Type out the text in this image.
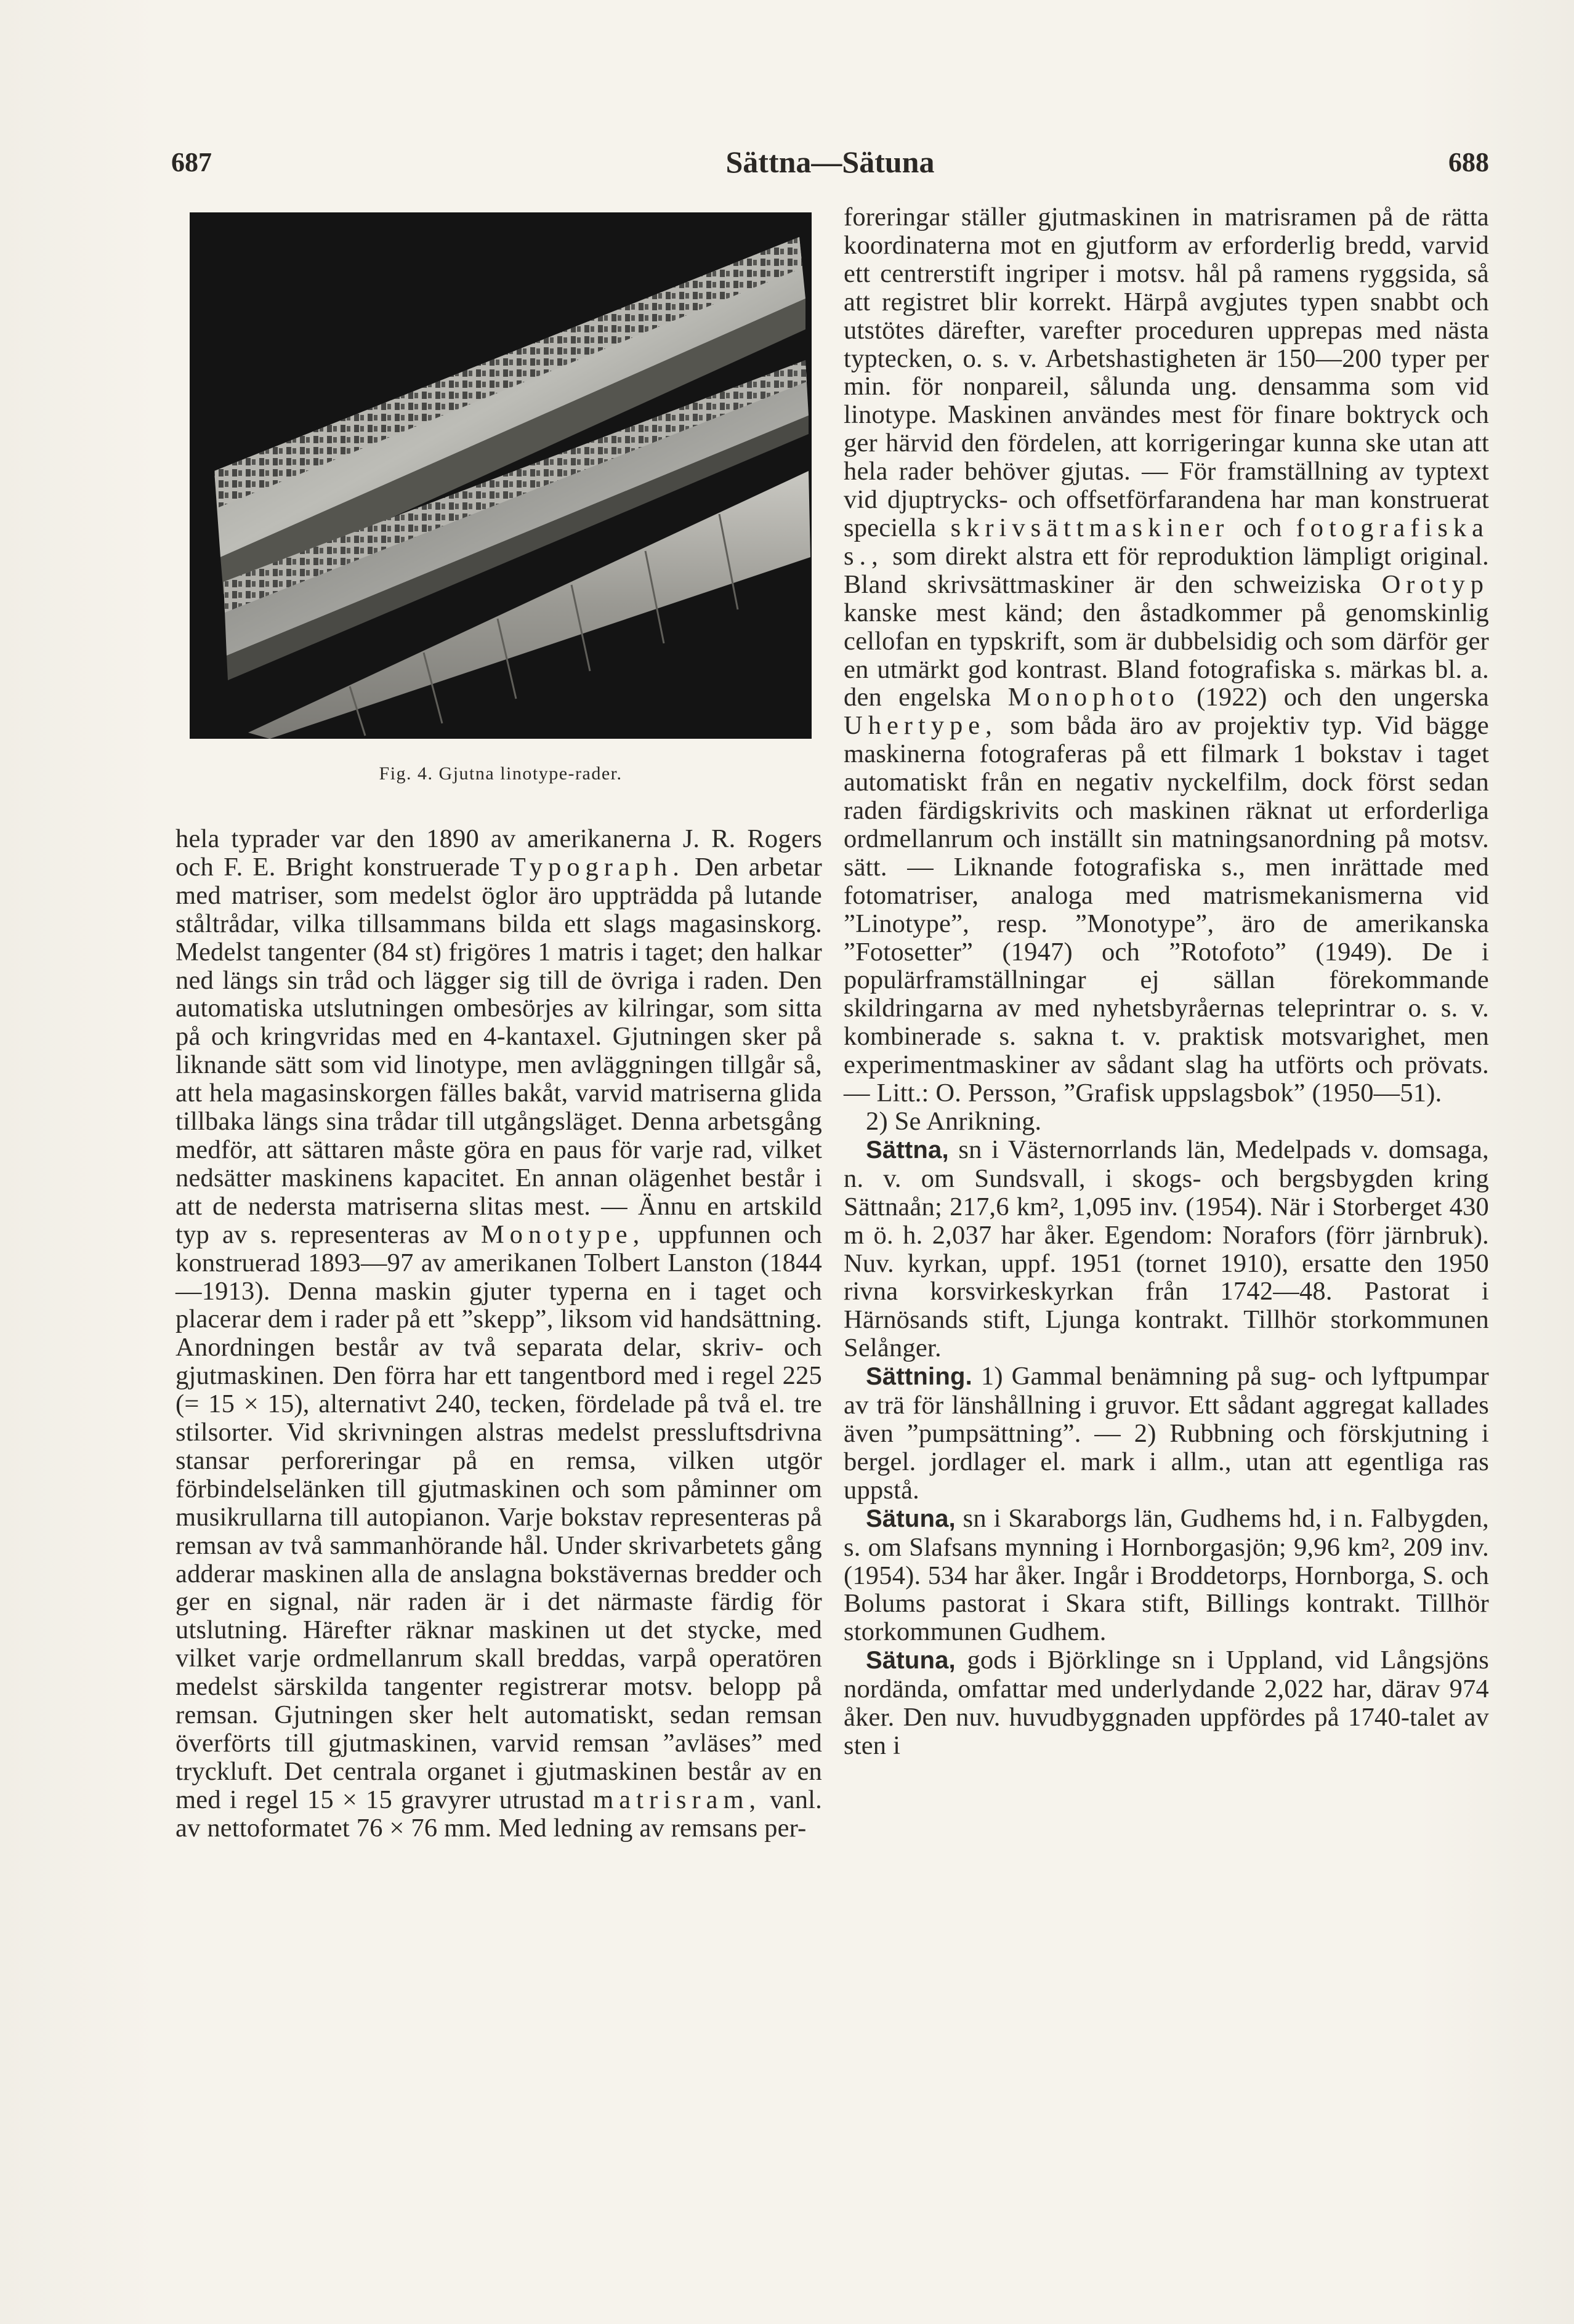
687	Sättna—Sätuna	688
Fig. 4. Gjutna linotype-rader.

hela typrader var den 1890 av amerikanerna J. R. Rogers och F. E. Bright konstruerade Typograph. Den arbetar med matriser, som medelst öglor äro uppträdda på lutande ståltrådar, vilka tillsammans bilda ett slags magasinskorg. Medelst tangenter (84 st) frigöres 1 matris i taget; den halkar ned längs sin tråd och lägger sig till de övriga i raden. Den automatiska utslutningen ombesörjes av kilringar, som sitta på och kringvridas med en 4-kantaxel. Gjutningen sker på liknande sätt som vid linotype, men avläggningen tillgår så, att hela magasinskorgen fälles bakåt, varvid matriserna glida tillbaka längs sina trådar till utgångsläget. Denna arbetsgång medför, att sättaren måste göra en paus för varje rad, vilket nedsätter maskinens kapacitet. En annan olägenhet består i att de nedersta matriserna slitas mest. — Ännu en artskild typ av s. representeras av Monotype, uppfunnen och konstruerad 1893—97 av amerikanen Tolbert Lanston (1844—1913). Denna maskin gjuter typerna en i taget och placerar dem i rader på ett ”skepp”, liksom vid handsättning. Anordningen består av två separata delar, skriv- och gjutmaskinen. Den förra har ett tangentbord med i regel 225 (= 15 × 15), alternativt 240, tecken, fördelade på två el. tre stilsorter. Vid skrivningen alstras medelst pressluftsdrivna stansar perforeringar på en remsa, vilken utgör förbindelselänken till gjutmaskinen och som påminner om musikrullarna till autopianon. Varje bokstav representeras på remsan av två sammanhörande hål. Under skrivarbetets gång adderar maskinen alla de anslagna bokstävernas bredder och ger en signal, när raden är i det närmaste färdig för utslutning. Härefter räknar maskinen ut det stycke, med vilket varje ordmellanrum skall breddas, varpå operatören medelst särskilda tangenter registrerar motsv. belopp på remsan. Gjutningen sker helt automatiskt, sedan remsan överförts till gjutmaskinen, varvid remsan ”avläses” med tryckluft. Det centrala organet i gjutmaskinen består av en med i regel 15 × 15 gravyrer utrustad matrisram, vanl. av nettoformatet 76 × 76 mm. Med ledning av remsans per-

foreringar ställer gjutmaskinen in matrisramen på de rätta koordinaterna mot en gjutform av erforderlig bredd, varvid ett centrerstift ingriper i motsv. hål på ramens ryggsida, så att registret blir korrekt. Härpå avgjutes typen snabbt och utstötes därefter, varefter proceduren upprepas med nästa typtecken, o. s. v. Arbetshastigheten är 150—200 typer per min. för nonpareil, sålunda ung. densamma som vid linotype. Maskinen användes mest för finare boktryck och ger härvid den fördelen, att korrigeringar kunna ske utan att hela rader behöver gjutas. — För framställning av typtext vid djuptrycks- och offsetförfarandena har man konstruerat speciella skrivsättmaskiner och fotografiska s., som direkt alstra ett för reproduktion lämpligt original. Bland skrivsättmaskiner är den schweiziska Orotyp kanske mest känd; den åstadkommer på genomskinlig cellofan en typskrift, som är dubbelsidig och som därför ger en utmärkt god kontrast. Bland fotografiska s. märkas bl. a. den engelska Monophoto (1922) och den ungerska Uhertype, som båda äro av projektiv typ. Vid bägge maskinerna fotograferas på ett filmark 1 bokstav i taget automatiskt från en negativ nyckelfilm, dock först sedan raden färdigskrivits och maskinen räknat ut erforderliga ordmellanrum och inställt sin matningsanordning på motsv. sätt. — Liknande fotografiska s., men inrättade med fotomatriser, analoga med matrismekanismerna vid ”Linotype”, resp. ”Monotype”, äro de amerikanska ”Fotosetter” (1947) och ”Rotofoto” (1949). De i populärframställningar ej sällan förekommande skildringarna av med nyhetsbyråernas teleprintrar o. s. v. kombinerade s. sakna t. v. praktisk motsvarighet, men experimentmaskiner av sådant slag ha utförts och prövats. — Litt.: O. Persson, ”Grafisk uppslagsbok” (1950—51).

2) Se Anrikning.

Sättna, sn i Västernorrlands län, Medelpads v. domsaga, n. v. om Sundsvall, i skogs- och bergsbygden kring Sättnaån; 217,6 km², 1,095 inv. (1954). När i Storberget 430 m ö. h. 2,037 har åker. Egendom: Norafors (förr järnbruk). Nuv. kyrkan, uppf. 1951 (tornet 1910), ersatte den 1950 rivna korsvirkeskyrkan från 1742—48. Pastorat i Härnösands stift, Ljunga kontrakt. Tillhör storkommunen Selånger.

Sättning. 1) Gammal benämning på sug- och lyftpumpar av trä för länshållning i gruvor. Ett sådant aggregat kallades även ”pumpsättning”. — 2) Rubbning och förskjutning i bergel. jordlager el. mark i allm., utan att egentliga ras uppstå.

Sätuna, sn i Skaraborgs län, Gudhems hd, i n. Falbygden, s. om Slafsans mynning i Hornborgasjön; 9,96 km², 209 inv. (1954). 534 har åker. Ingår i Broddetorps, Hornborga, S. och Bolums pastorat i Skara stift, Billings kontrakt. Tillhör storkommunen Gudhem.

Sätuna, gods i Björklinge sn i Uppland, vid Långsjöns nordända, omfattar med underlydande 2,022 har, därav 974 åker. Den nuv. huvudbyggnaden uppfördes på 1740-talet av sten i
